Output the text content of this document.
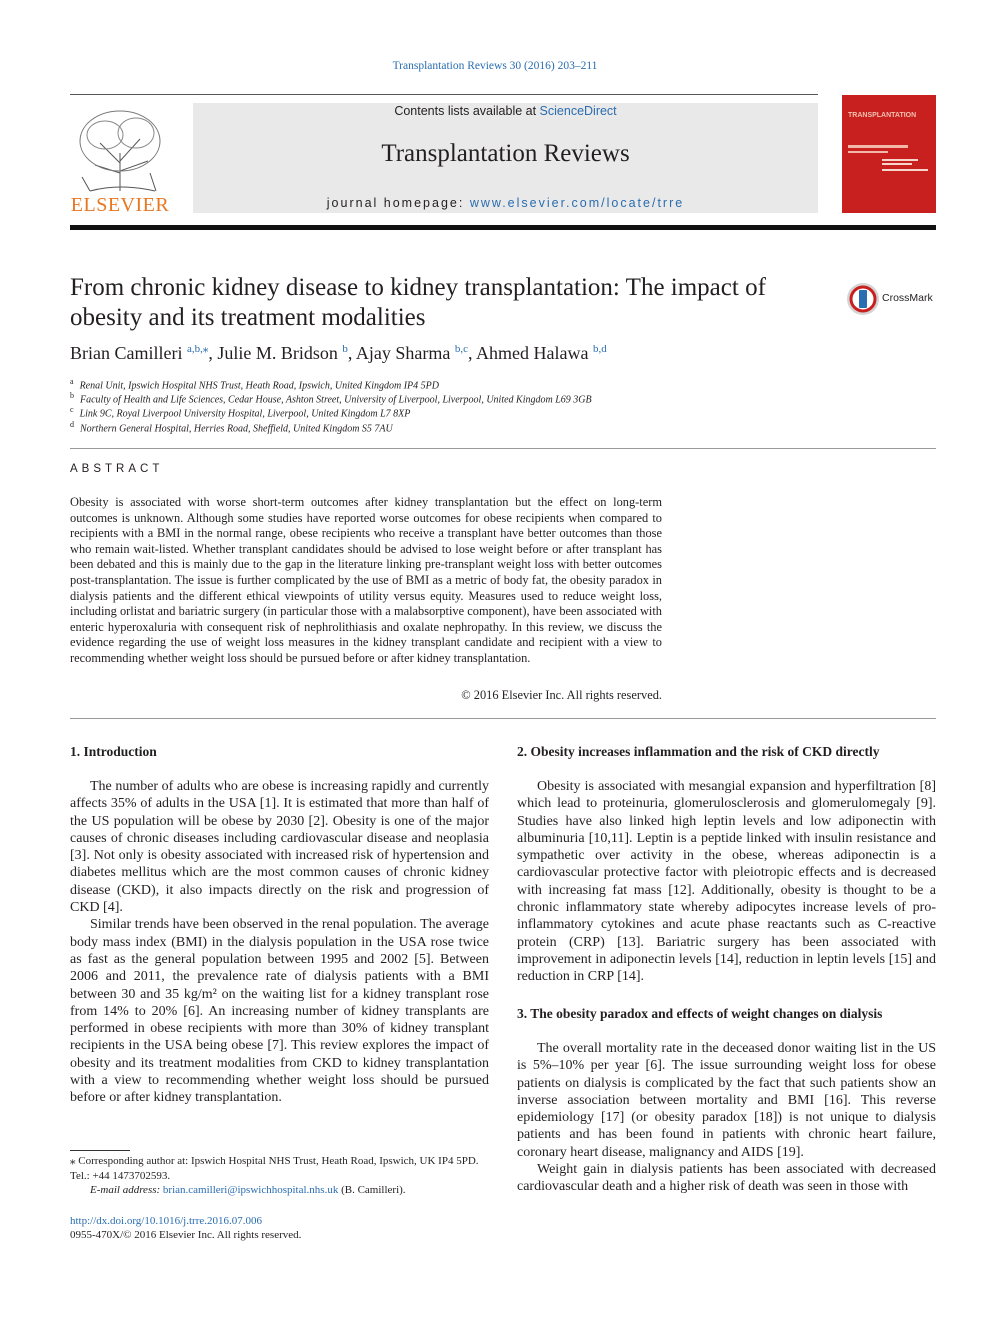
Transplantation Reviews 30 (2016) 203–211
ELSEVIER
Contents lists available at ScienceDirect
Transplantation Reviews
journal homepage: www.elsevier.com/locate/trre
TRANSPLANTATION
CrossMark
From chronic kidney disease to kidney transplantation: The impact of obesity and its treatment modalities
Brian Camilleri $^{a,b,⁎}$, Julie M. Bridson $^b$, Ajay Sharma $^{b,c}$, Ahmed Halawa $^{b,d}$
$^a$ Renal Unit, Ipswich Hospital NHS Trust, Heath Road, Ipswich, United Kingdom IP4 5PD
$^b$ Faculty of Health and Life Sciences, Cedar House, Ashton Street, University of Liverpool, Liverpool, United Kingdom L69 3GB
$^c$ Link 9C, Royal Liverpool University Hospital, Liverpool, United Kingdom L7 8XP
$^d$ Northern General Hospital, Herries Road, Sheffield, United Kingdom S5 7AU
ABSTRACT
Obesity is associated with worse short-term outcomes after kidney transplantation but the effect on long-term outcomes is unknown. Although some studies have reported worse outcomes for obese recipients when compared to recipients with a BMI in the normal range, obese recipients who receive a transplant have better outcomes than those who remain wait-listed. Whether transplant candidates should be advised to lose weight before or after transplant has been debated and this is mainly due to the gap in the literature linking pre-transplant weight loss with better outcomes post-transplantation. The issue is further complicated by the use of BMI as a metric of body fat, the obesity paradox in dialysis patients and the different ethical viewpoints of utility versus equity. Measures used to reduce weight loss, including orlistat and bariatric surgery (in particular those with a malabsorptive component), have been associated with enteric hyperoxaluria with consequent risk of nephrolithiasis and oxalate nephropathy. In this review, we discuss the evidence regarding the use of weight loss measures in the kidney transplant candidate and recipient with a view to recommending whether weight loss should be pursued before or after kidney transplantation.
© 2016 Elsevier Inc. All rights reserved.
1. Introduction

The number of adults who are obese is increasing rapidly and currently affects 35% of adults in the USA [1]. It is estimated that more than half of the US population will be obese by 2030 [2]. Obesity is one of the major causes of chronic diseases including cardiovascular disease and neoplasia [3]. Not only is obesity associated with increased risk of hypertension and diabetes mellitus which are the most common causes of chronic kidney disease (CKD), it also impacts directly on the risk and progression of CKD [4].

Similar trends have been observed in the renal population. The average body mass index (BMI) in the dialysis population in the USA rose twice as fast as the general population between 1995 and 2002 [5]. Between 2006 and 2011, the prevalence rate of dialysis patients with a BMI between 30 and 35 kg/m² on the waiting list for a kidney transplant rose from 14% to 20% [6]. An increasing number of kidney transplants are performed in obese recipients with more than 30% of kidney transplant recipients in the USA being obese [7]. This review explores the impact of obesity and its treatment modalities from CKD to kidney transplantation with a view to recommending whether weight loss should be pursued before or after kidney transplantation.

2. Obesity increases inflammation and the risk of CKD directly

Obesity is associated with mesangial expansion and hyperfiltration [8] which lead to proteinuria, glomerulosclerosis and glomerulomegaly [9]. Studies have also linked high leptin levels and low adiponectin with albuminuria [10,11]. Leptin is a peptide linked with insulin resistance and sympathetic over activity in the obese, whereas adiponectin is a cardiovascular protective factor with pleiotropic effects and is decreased with increasing fat mass [12]. Additionally, obesity is thought to be a chronic inflammatory state whereby adipocytes increase levels of pro-inflammatory cytokines and acute phase reactants such as C-reactive protein (CRP) [13]. Bariatric surgery has been associated with improvement in adiponectin levels [14], reduction in leptin levels [15] and reduction in CRP [14].

3. The obesity paradox and effects of weight changes on dialysis

The overall mortality rate in the deceased donor waiting list in the US is 5%–10% per year [6]. The issue surrounding weight loss for obese patients on dialysis is complicated by the fact that such patients show an inverse association between mortality and BMI [16]. This reverse epidemiology [17] (or obesity paradox [18]) is not unique to dialysis patients and has been found in patients with chronic heart failure, coronary heart disease, malignancy and AIDS [19].

Weight gain in dialysis patients has been associated with decreased cardiovascular death and a higher risk of death was seen in those with

⁎ Corresponding author at: Ipswich Hospital NHS Trust, Heath Road, Ipswich, UK IP4 5PD. Tel.: +44 1473702593.
E-mail address: brian.camilleri@ipswichhospital.nhs.uk (B. Camilleri).
http://dx.doi.org/10.1016/j.trre.2016.07.006
0955-470X/© 2016 Elsevier Inc. All rights reserved.
